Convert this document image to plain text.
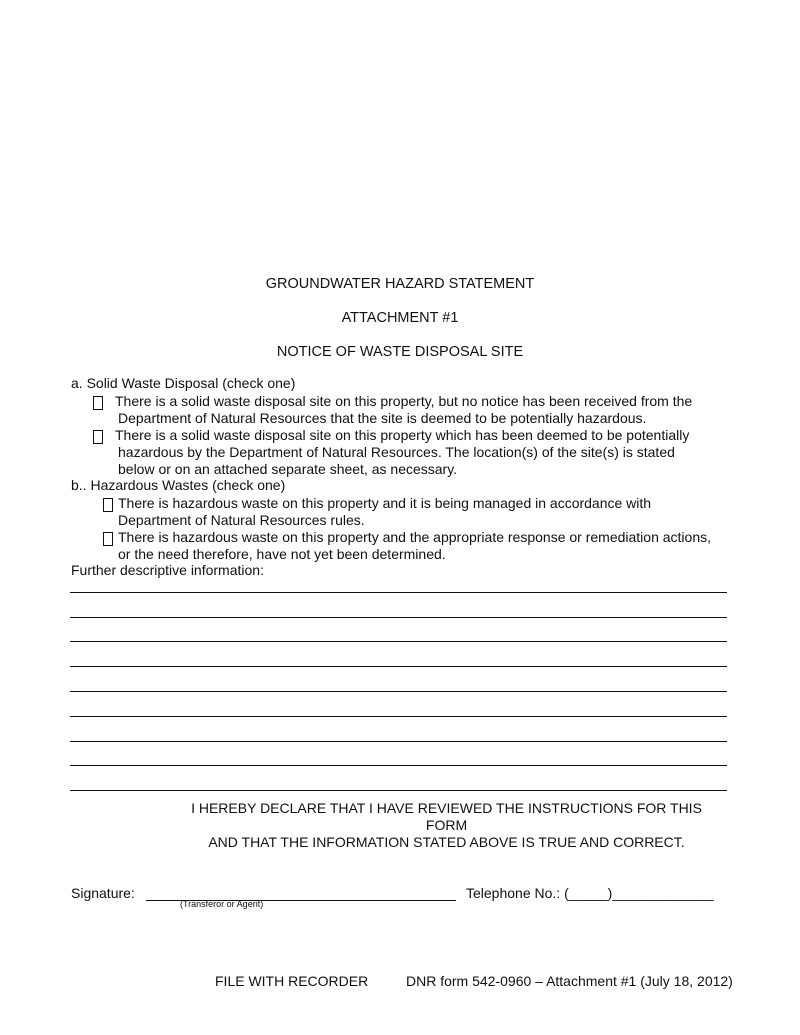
GROUNDWATER HAZARD STATEMENT
ATTACHMENT #1
NOTICE OF WASTE DISPOSAL SITE
a. Solid Waste Disposal (check one)
There is a solid waste disposal site on this property, but no notice has been received from the
Department of Natural Resources that the site is deemed to be potentially hazardous.
There is a solid waste disposal site on this property which has been deemed to be potentially
hazardous by the Department of Natural Resources. The location(s) of the site(s) is stated
below or on an attached separate sheet, as necessary.
b.. Hazardous Wastes (check one)
There is hazardous waste on this property and it is being managed in accordance with
Department of Natural Resources rules.
There is hazardous waste on this property and the appropriate response or remediation actions,
or the need therefore, have not yet been determined.
Further descriptive information:
I HEREBY DECLARE THAT I HAVE REVIEWED THE INSTRUCTIONS FOR THIS
FORM
AND THAT THE INFORMATION STATED ABOVE IS TRUE AND CORRECT.
Signature:
(Transferor or Agent)
Telephone No.: (_____)_____________
FILE WITH RECORDER	DNR form 542-0960 – Attachment #1 (July 18, 2012)
